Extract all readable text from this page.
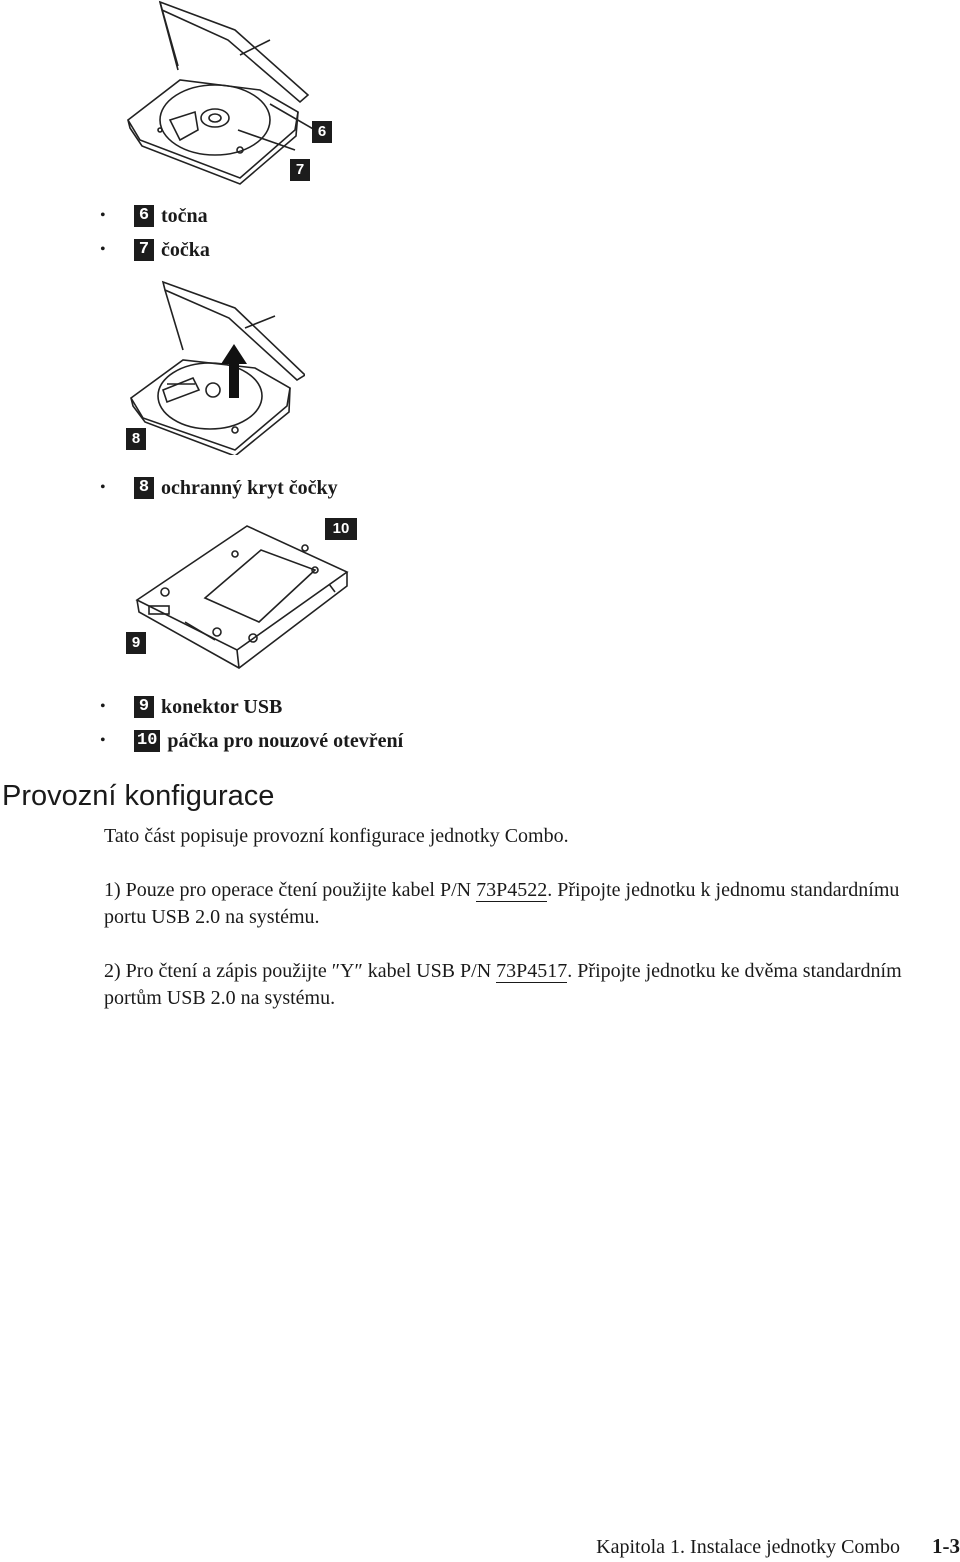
6
7
•	6 točna
•	7 čočka
8
•	8 ochranný kryt čočky
10
9
•	9 konektor USB
•	10 páčka pro nouzové otevření
Provozní konfigurace
Tato část popisuje provozní konfigurace jednotky Combo.
1) Pouze pro operace čtení použijte kabel P/N 73P4522. Připojte jednotku k jednomu standardnímu portu USB 2.0 na systému.
2) Pro čtení a zápis použijte ″Y″ kabel USB P/N 73P4517. Připojte jednotku ke dvěma standardním portům USB 2.0 na systému.
Kapitola 1. Instalace jednotky Combo 1-3
